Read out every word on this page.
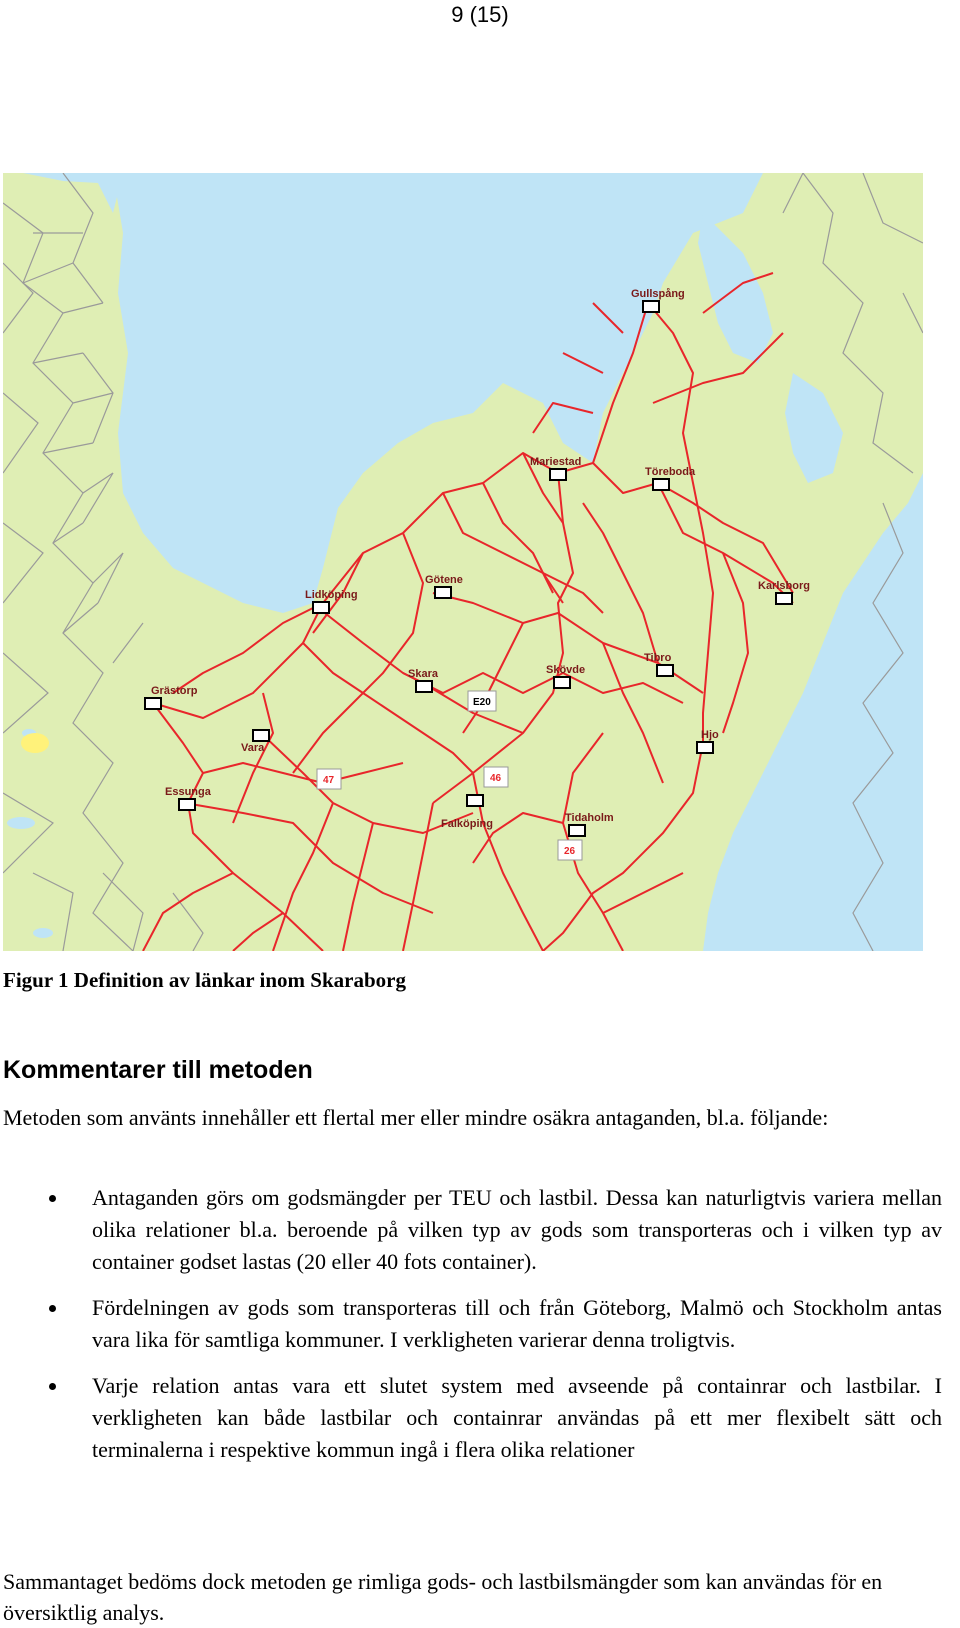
9 (15)
Gullspång
Mariestad
Töreboda
Karlsborg
Lidköping
Götene
Skara	Skövde
Tibro
Grästorp
Vara
Hjo
Essunga
Falköping	Tidaholm
E20
47	46
26
Figur 1 Definition av länkar inom Skaraborg
Kommentarer till metoden
Metoden som använts innehåller ett flertal mer eller mindre osäkra antaganden, bl.a. följande:
Antaganden görs om godsmängder per TEU och lastbil. Dessa kan naturligtvis variera mellan olika relationer bl.a. beroende på vilken typ av gods som transporteras och i vilken typ av container godset lastas (20 eller 40 fots container).
Fördelningen av gods som transporteras till och från Göteborg, Malmö och Stockholm antas vara lika för samtliga kommuner. I verkligheten varierar denna troligtvis.
Varje relation antas vara ett slutet system med avseende på containrar och lastbilar. I verkligheten kan både lastbilar och containrar användas på ett mer flexibelt sätt och terminalerna i respektive kommun ingå i flera olika relationer
Sammantaget bedöms dock metoden ge rimliga gods- och lastbilsmängder som kan användas för en översiktlig analys.
